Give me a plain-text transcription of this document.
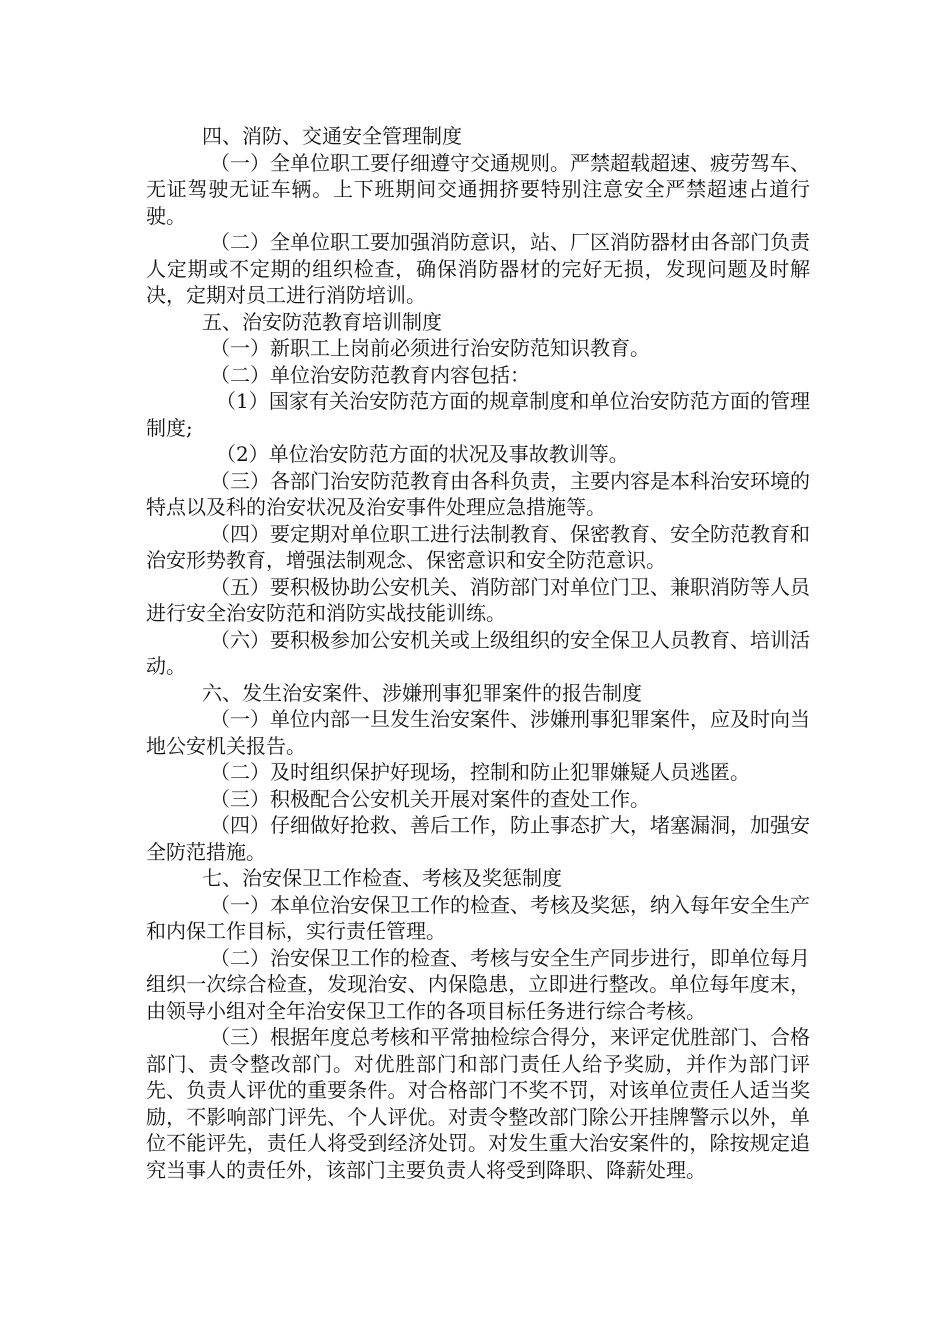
四、消防、交通安全管理制度

（一）全单位职工要仔细遵守交通规则。严禁超载超速、疲劳驾车、无证驾驶无证车辆。上下班期间交通拥挤要特别注意安全严禁超速占道行驶。

（二）全单位职工要加强消防意识，站、厂区消防器材由各部门负责人定期或不定期的组织检查，确保消防器材的完好无损，发现问题及时解决，定期对员工进行消防培训。

五、治安防范教育培训制度

（一）新职工上岗前必须进行治安防范知识教育。

（二）单位治安防范教育内容包括：

（1）国家有关治安防范方面的规章制度和单位治安防范方面的管理制度;

（2）单位治安防范方面的状况及事故教训等。

（三）各部门治安防范教育由各科负责，主要内容是本科治安环境的特点以及科的治安状况及治安事件处理应急措施等。

（四）要定期对单位职工进行法制教育、保密教育、安全防范教育和治安形势教育，增强法制观念、保密意识和安全防范意识。

（五）要积极协助公安机关、消防部门对单位门卫、兼职消防等人员进行安全治安防范和消防实战技能训练。

（六）要积极参加公安机关或上级组织的安全保卫人员教育、培训活动。

六、发生治安案件、涉嫌刑事犯罪案件的报告制度

（一）单位内部一旦发生治安案件、涉嫌刑事犯罪案件，应及时向当地公安机关报告。

（二）及时组织保护好现场，控制和防止犯罪嫌疑人员逃匿。

（三）积极配合公安机关开展对案件的查处工作。

（四）仔细做好抢救、善后工作，防止事态扩大，堵塞漏洞，加强安全防范措施。

七、治安保卫工作检查、考核及奖惩制度

（一）本单位治安保卫工作的检查、考核及奖惩，纳入每年安全生产和内保工作目标，实行责任管理。

（二）治安保卫工作的检查、考核与安全生产同步进行，即单位每月组织一次综合检查，发现治安、内保隐患，立即进行整改。单位每年度末，由领导小组对全年治安保卫工作的各项目标任务进行综合考核。

（三）根据年度总考核和平常抽检综合得分，来评定优胜部门、合格部门、责令整改部门。对优胜部门和部门责任人给予奖励，并作为部门评先、负责人评优的重要条件。对合格部门不奖不罚，对该单位责任人适当奖励，不影响部门评先、个人评优。对责令整改部门除公开挂牌警示以外，单位不能评先，责任人将受到经济处罚。对发生重大治安案件的，除按规定追究当事人的责任外，该部门主要负责人将受到降职、降薪处理。
